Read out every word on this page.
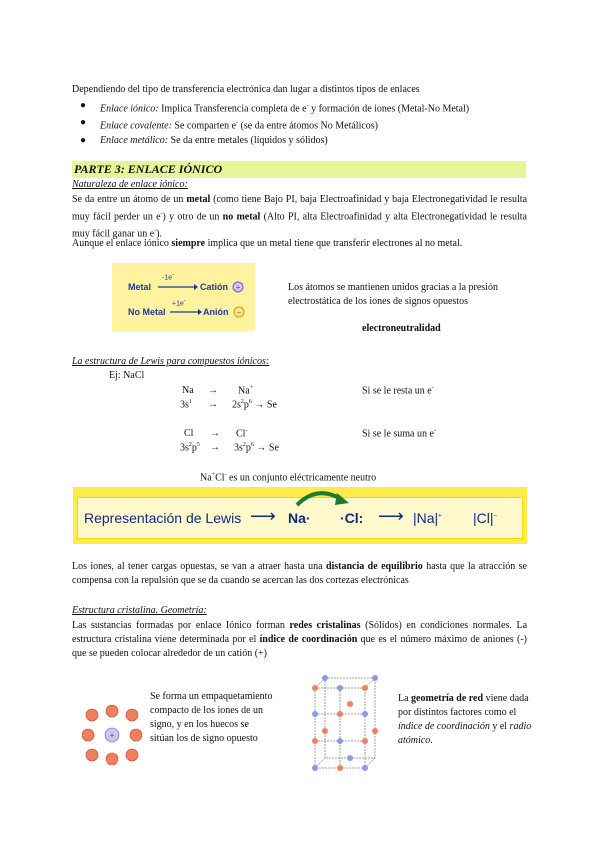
Dependiendo del tipo de transferencia electrónica dan lugar a distintos tipos de enlaces

● Enlace iónico: Implica Transferencia completa de e- y formación de iones (Metal-No Metal)
● Enlace covalente: Se comparten e- (se da entre átomos No Metálicos)
● Enlace metálico: Se da entre metales (líquidos y sólidos)
PARTE 3: ENLACE IÓNICO

Naturaleza de enlace iónico:

Se da entre un átomo de un metal (como tiene Bajo PI, baja Electroafinidad y baja Electronegatividad le resulta muy fácil perder un e-) y otro de un no metal (Alto PI, alta Electroafinidad y alta Electronegatividad le resulta muy fácil ganar un e-).

Aunque el enlace iónico siempre implica que un metal tiene que transferir electrones al no metal.

Metal
-1e-
Catión +
No Metal
+1e-
Anión −

Los átomos se mantienen unidos gracias a la presión electrostática de los iones de signos opuestos

electroneutralidad

La estructura de Lewis para compuestos iónicos:

Ej: NaCl

Na → Na+	Si se le resta un e-
$3s^1 \to 2s^2p^6 \to Se$
Cl → Cl-	Si se le suma un e-
$3s^2p^5 \to 3s^2p^6 \to Se$

Na+Cl- es un conjunto eléctricamente neutro

Representación de Lewis ⟶ Na· ·Cl: ⟶ |Na|+ |Cl|−

Los iones, al tener cargas opuestas, se van a atraer hasta una distancia de equilibrio hasta que la atracción se compensa con la repulsión que se da cuando se acercan las dos cortezas electrónicas

Estructura cristalina. Geometría:

Las sustancias formadas por enlace Iónico forman redes cristalinas (Sólidos) en condiciones normales. La estructura cristalina viene determinada por el índice de coordinación que es el número máximo de aniones (-) que se pueden colocar alrededor de un catión (+)

+

Se forma un empaquetamiento compacto de los iones de un signo, y en los huecos se sitúan los de signo opuesto

La geometría de red viene dada por distintos factores como el índice de coordinación y el radio atómico.
